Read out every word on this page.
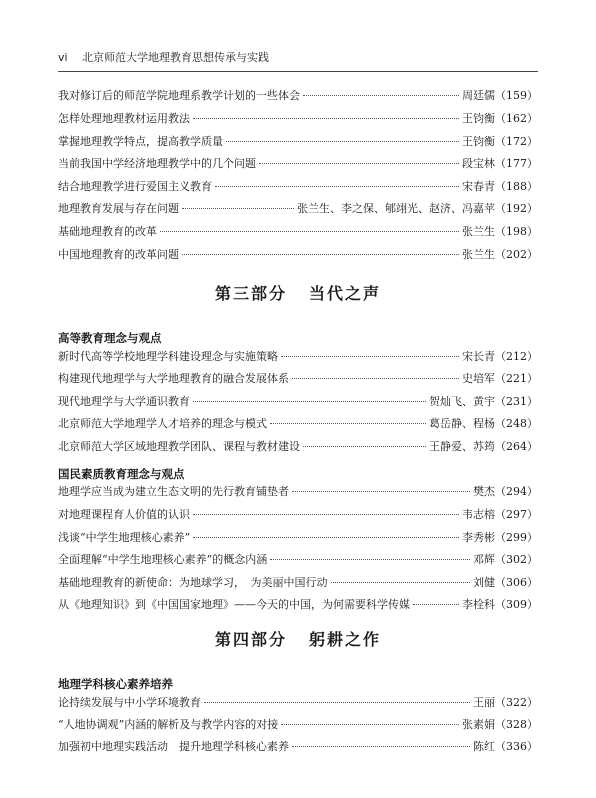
vi	北京师范大学地理教育思想传承与实践
我对修订后的师范学院地理系教学计划的一些体会	周廷儒 （159）
怎样处理地理教材运用教法	王钧衡 （162）
掌握地理教学特点，提高教学质量	王钧衡 （172）
当前我国中学经济地理教学中的几个问题	段宝林 （177）
结合地理教学进行爱国主义教育	宋春青 （188）
地理教育发展与存在问题	张兰生、李之保、郇翊光、赵济、冯嘉苹 （192）
基础地理教育的改革	张兰生 （198）
中国地理教育的改革问题	张兰生 （202）
第三部分 当代之声
高等教育理念与观点
新时代高等学校地理学科建设理念与实施策略	宋长青 （212）
构建现代地理学与大学地理教育的融合发展体系	史培军 （221）
现代地理学与大学通识教育	贺灿飞、黄宇 （231）
北京师范大学地理学人才培养的理念与模式	葛岳静、程杨 （248）
北京师范大学区域地理教学团队、课程与教材建设	王静爱、苏筠 （264）
国民素质教育理念与观点
地理学应当成为建立生态文明的先行教育铺垫者	樊杰 （294）
对地理课程育人价值的认识	韦志榕 （297）
浅谈“中学生地理核心素养”	李秀彬 （299）
全面理解“中学生地理核心素养”的概念内涵	邓辉 （302）
基础地理教育的新使命：为地球学习，　为美丽中国行动	刘健 （306）
从《地理知识》到《中国国家地理》——今天的中国，为何需要科学传媒	李栓科 （309）
第四部分 躬耕之作
地理学科核心素养培养
论持续发展与中小学环境教育	王丽 （322）
“人地协调观”内涵的解析及与教学内容的对接	张素娟 （328）
加强初中地理实践活动　提升地理学科核心素养	陈红 （336）
